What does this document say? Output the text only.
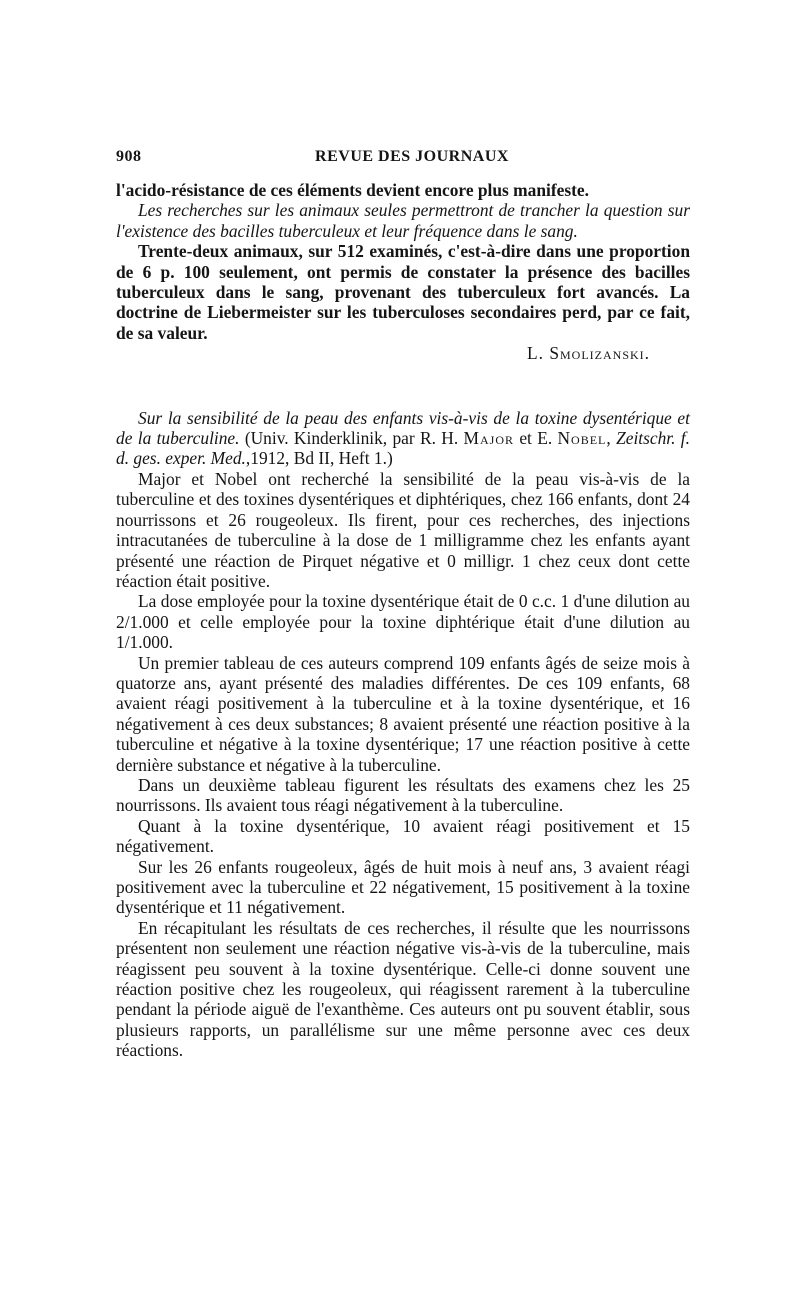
908	REVUE DES JOURNAUX

l'acido-résistance de ces éléments devient encore plus manifeste.

Les recherches sur les animaux seules permettront de trancher la question sur l'existence des bacilles tuberculeux et leur fréquence dans le sang.

Trente-deux animaux, sur 512 examinés, c'est-à-dire dans une proportion de 6 p. 100 seulement, ont permis de constater la présence des bacilles tuberculeux dans le sang, provenant des tuberculeux fort avancés. La doctrine de Liebermeister sur les tuberculoses secondaires perd, par ce fait, de sa valeur.

L. Smolizanski.

Sur la sensibilité de la peau des enfants vis-à-vis de la toxine dysentérique et de la tuberculine. (Univ. Kinderklinik, par R. H. Major et E. Nobel, Zeitschr. f. d. ges. exper. Med.,1912, Bd II, Heft 1.)

Major et Nobel ont recherché la sensibilité de la peau vis-à-vis de la tuberculine et des toxines dysentériques et diphtériques, chez 166 enfants, dont 24 nourrissons et 26 rougeoleux. Ils firent, pour ces recherches, des injections intracutanées de tuberculine à la dose de 1 milligramme chez les enfants ayant présenté une réaction de Pirquet négative et 0 milligr. 1 chez ceux dont cette réaction était positive.

La dose employée pour la toxine dysentérique était de 0 c.c. 1 d'une dilution au 2/1.000 et celle employée pour la toxine diphtérique était d'une dilution au 1/1.000.

Un premier tableau de ces auteurs comprend 109 enfants âgés de seize mois à quatorze ans, ayant présenté des maladies différentes. De ces 109 enfants, 68 avaient réagi positivement à la tuberculine et à la toxine dysentérique, et 16 négativement à ces deux substances; 8 avaient présenté une réaction positive à la tuberculine et négative à la toxine dysentérique; 17 une réaction positive à cette dernière substance et négative à la tuberculine.

Dans un deuxième tableau figurent les résultats des examens chez les 25 nourrissons. Ils avaient tous réagi négativement à la tuberculine.

Quant à la toxine dysentérique, 10 avaient réagi positivement et 15 négativement.

Sur les 26 enfants rougeoleux, âgés de huit mois à neuf ans, 3 avaient réagi positivement avec la tuberculine et 22 négativement, 15 positivement à la toxine dysentérique et 11 négativement.

En récapitulant les résultats de ces recherches, il résulte que les nourrissons présentent non seulement une réaction négative vis-à-vis de la tuberculine, mais réagissent peu souvent à la toxine dysentérique. Celle-ci donne souvent une réaction positive chez les rougeoleux, qui réagissent rarement à la tuberculine pendant la période aiguë de l'exanthème. Ces auteurs ont pu souvent établir, sous plusieurs rapports, un parallélisme sur une même personne avec ces deux réactions.
